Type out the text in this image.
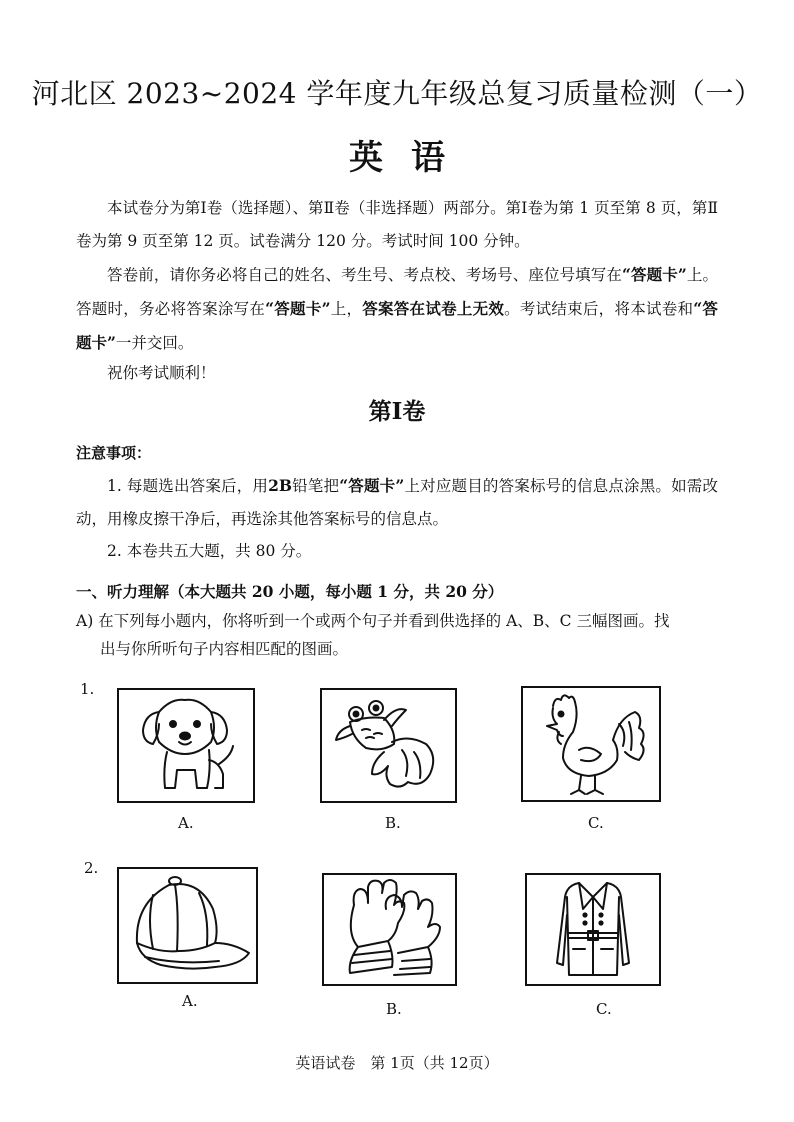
河北区 2023~2024 学年度九年级总复习质量检测（一）
英语
本试卷分为第Ⅰ卷（选择题）、第Ⅱ卷（非选择题）两部分。第Ⅰ卷为第 1 页至第 8 页，第Ⅱ卷为第 9 页至第 12 页。试卷满分 120 分。考试时间 100 分钟。
答卷前，请你务必将自己的姓名、考生号、考点校、考场号、座位号填写在“答题卡”上。答题时，务必将答案涂写在“答题卡”上，答案答在试卷上无效。考试结束后，将本试卷和“答题卡”一并交回。
祝你考试顺利！
第Ⅰ卷
注意事项：
1. 每题选出答案后，用2B铅笔把“答题卡”上对应题目的答案标号的信息点涂黑。如需改动，用橡皮擦干净后，再选涂其他答案标号的信息点。
2. 本卷共五大题，共 80 分。
一、听力理解（本大题共 20 小题，每小题 1 分，共 20 分）
A) 在下列每小题内，你将听到一个或两个句子并看到供选择的 A、B、C 三幅图画。找
出与你所听句子内容相匹配的图画。
1.
A.	B.	C.
2.
A.	B.	C.
英语试卷　第 1页（共 12页）
